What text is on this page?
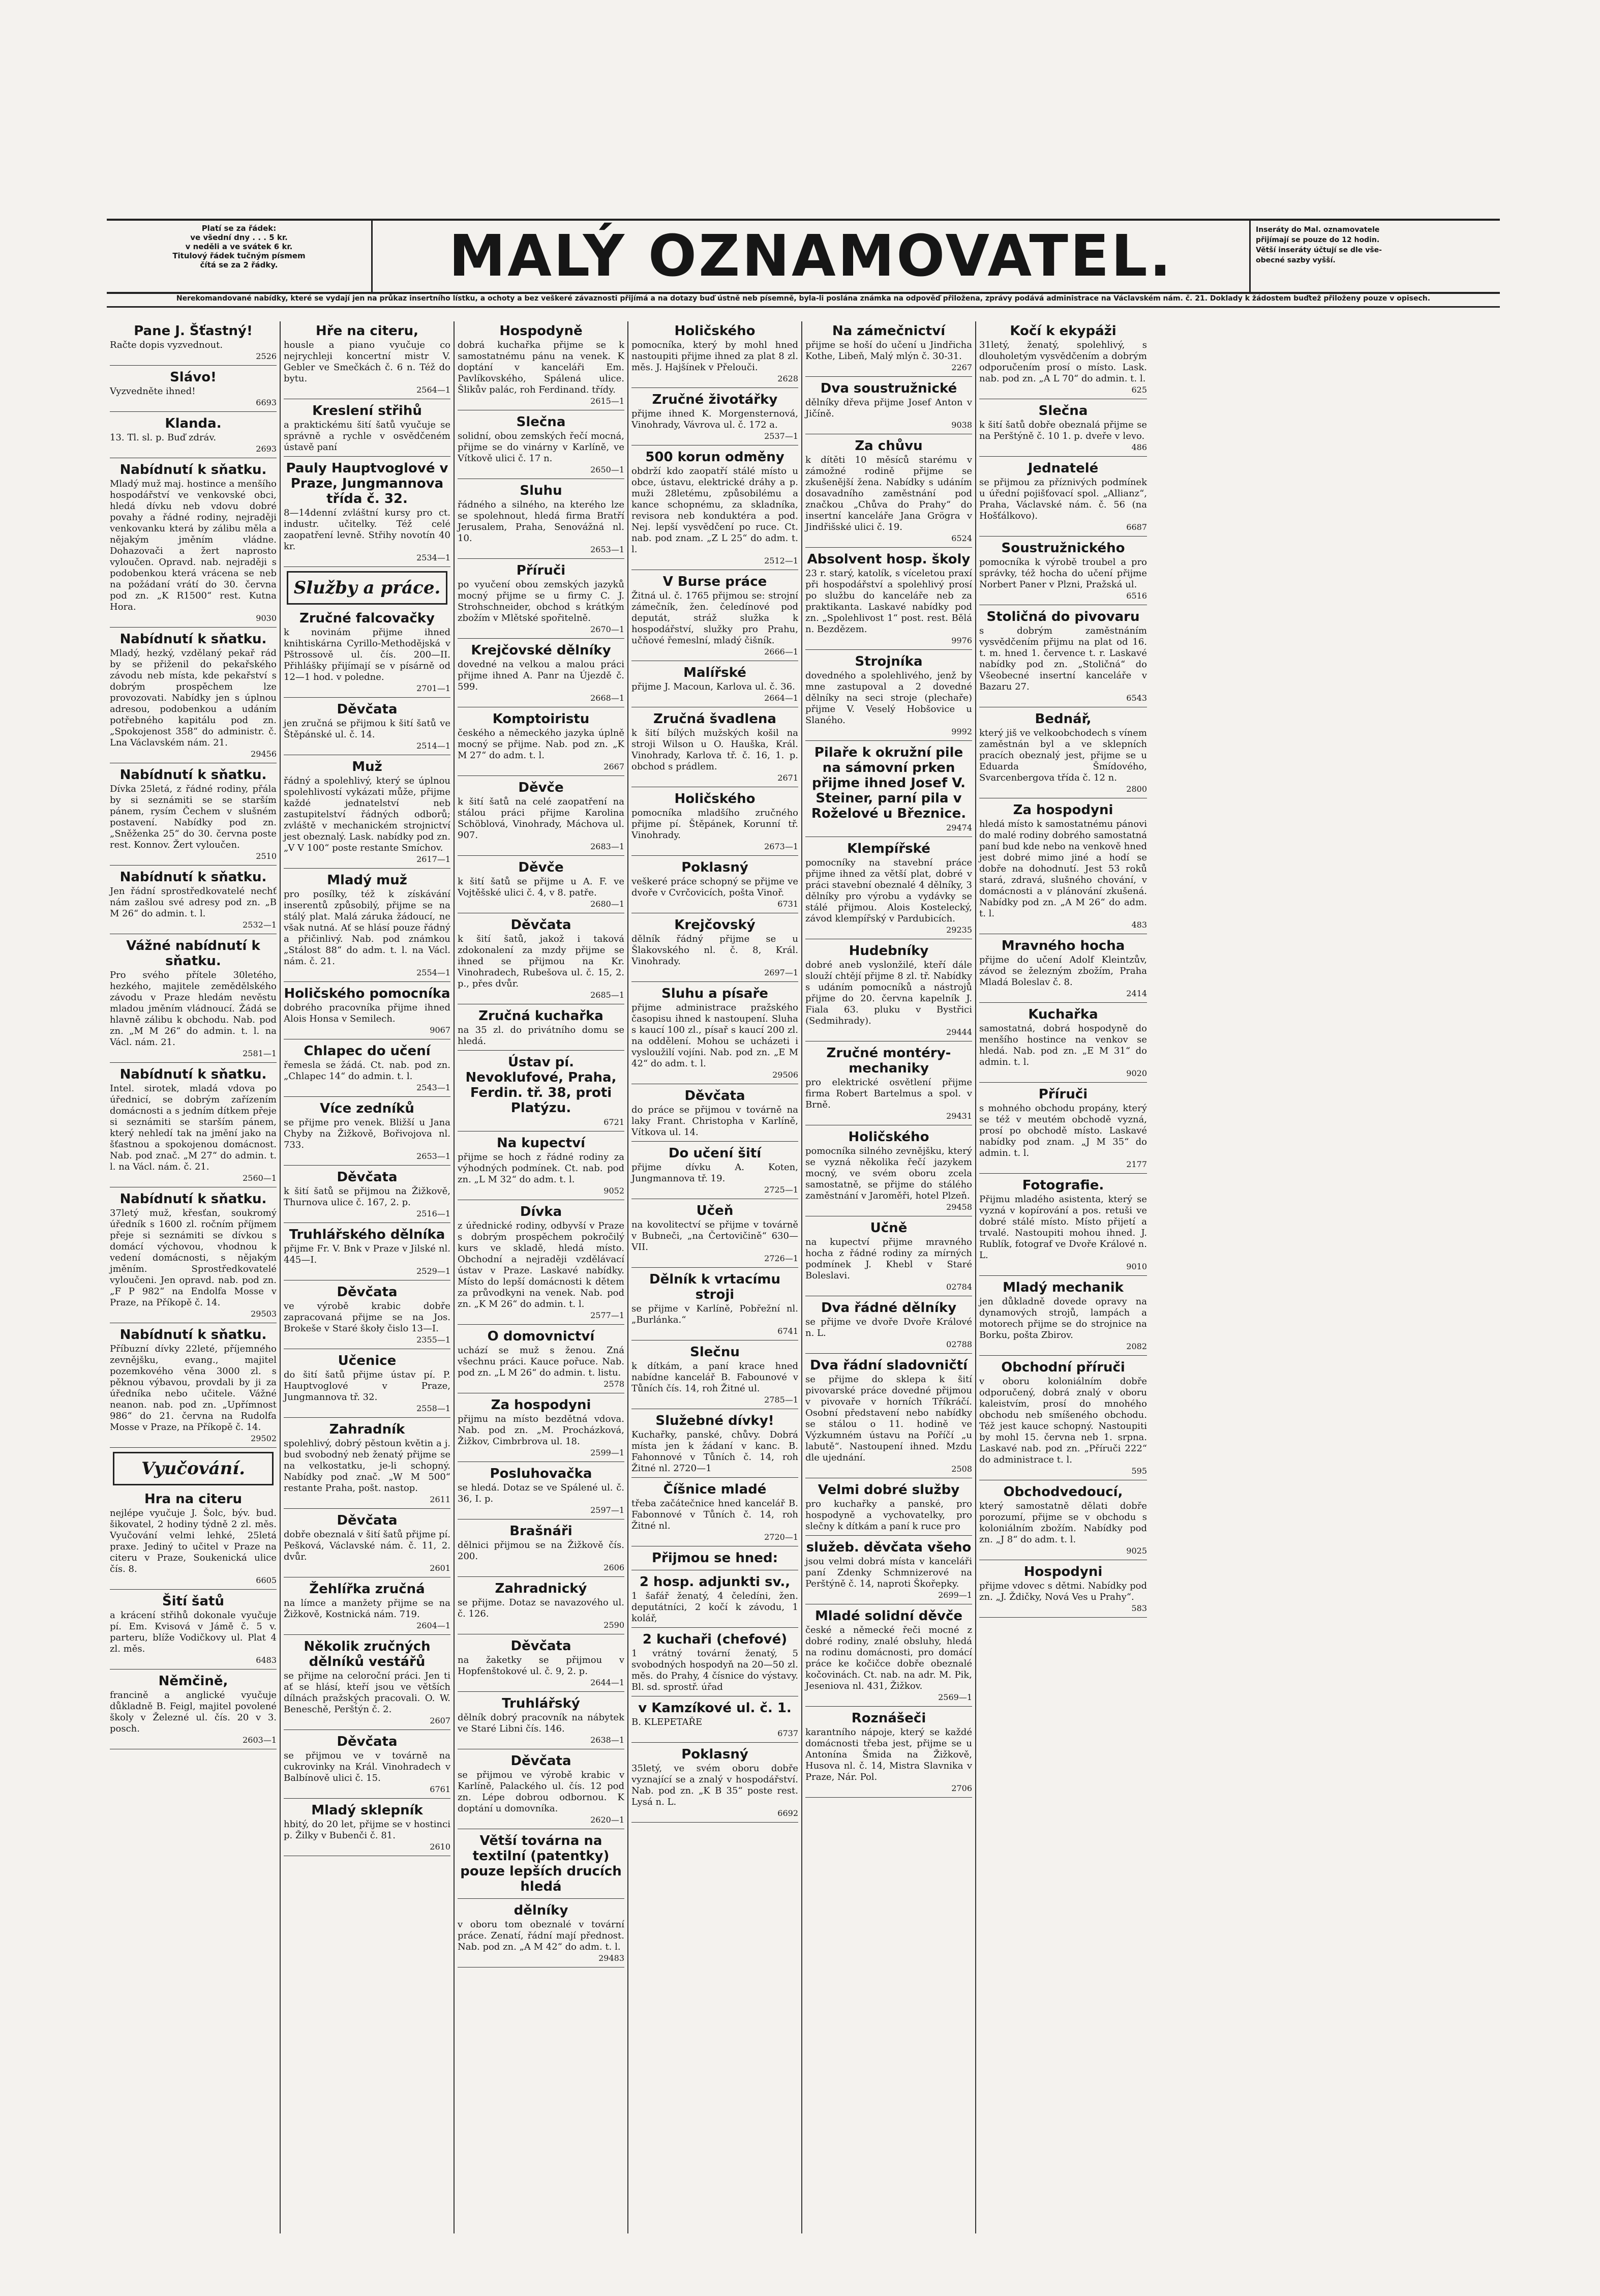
Platí se za řádek:
ve všední dny . . . 5 kr.
v neděli a ve svátek 6 kr.
Titulový řádek tučným písmem
čítá se za 2 řádky.	MALÝ OZNAMOVATEL.	Inseráty do Mal. oznamovatele
přijímají se pouze do 12 hodin.
Větší inseráty účtují se dle vše-
obecné sazby vyšší.
Nerekomandované nabídky, které se vydají jen na průkaz insertního lístku, a ochoty a bez veškeré závaznosti přijímá a na dotazy buď ústně neb písemně, byla-li poslána známka na odpověď přiložena, zprávy podává administrace na Václavském nám. č. 21. Doklady k žádostem buďtež přiloženy pouze v opisech.
Pane J. Šťastný!
Račte dopis vyzvednout.
2526
Slávo!
Vyzvedněte ihned!
6693
Klanda.
13. Tl. sl. p. Buď zdráv.
2693
Nabídnutí k sňatku.
Mladý muž maj. hostince a menšího hospodářství ve venkovské obci, hledá dívku neb vdovu dobré povahy a řádné rodiny, nejraději venkovanku která by zálibu měla a nějakým jměním vládne. Dohazovači a žert naprosto vyloučen. Opravd. nab. nejraději s podobenkou která vrácena se neb na požádaní vrátí do 30. června pod zn. „K R1500“ rest. Kutna Hora.
9030
Nabídnutí k sňatku.
Mladý, hezký, vzdělaný pekař rád by se přiženil do pekařského závodu neb místa, kde pekařství s dobrým prospěchem lze provozovati. Nabídky jen s úplnou adresou, podobenkou a udáním potřebného kapitálu pod zn. „Spokojenost 358“ do administr. č. Lna Václavském nám. 21.
29456
Nabídnutí k sňatku.
Dívka 25letá, z řádné rodiny, přála by si seznámiti se se starším pánem, rysím Čechem v slušném postavení. Nabídky pod zn. „Sněženka 25“ do 30. června poste rest. Konnov. Žert vyloučen.
2510
Nabídnutí k sňatku.
Jen řádní sprostředkovatelé nechť nám zašlou své adresy pod zn. „B M 26“ do admin. t. l.
2532—1
Vážné nabídnutí k sňatku.
Pro svého přítele 30letého, hezkého, majitele zemědělského závodu v Praze hledám nevěstu mladou jměním vládnoucí. Žádá se hlavně zálibu k obchodu. Nab. pod zn. „M M 26“ do admin. t. l. na Václ. nám. 21.
2581—1
Nabídnutí k sňatku.
Intel. sirotek, mladá vdova po úřednicí, se dobrým zařízením domácnosti a s jedním dítkem přeje si seznámiti se starším pánem, který nehledí tak na jmění jako na šťastnou a spokojenou domácnost. Nab. pod znač. „M 27“ do admin. t. l. na Václ. nám. č. 21.
2560—1
Nabídnutí k sňatku.
37letý muž, křesťan, soukromý úředník s 1600 zl. ročním příjmem přeje si seznámiti se dívkou s domácí výchovou, vhodnou k vedení domácnosti, s nějakým jměním. Sprostředkovatelé vyloučeni. Jen opravd. nab. pod zn. „F P 982“ na Endolfa Mosse v Praze, na Příkopě č. 14.
29503
Nabídnutí k sňatku.
Příbuzní dívky 22leté, příjemného zevnějšku, evang., majitel pozemkového věna 3000 zl. s pěknou výbavou, provdali by ji za úředníka nebo učitele. Vážné neanon. nab. pod zn. „Upřímnost 986“ do 21. června na Rudolfa Mosse v Praze, na Příkopě č. 14.
29502
Vyučování.
Hra na citeru
nejlépe vyučuje J. Šolc, býv. bud. šikovatel, 2 hodiny týdně 2 zl. měs. Vyučování velmi lehké, 25letá praxe. Jediný to učitel v Praze na citeru v Praze, Soukenická ulice čís. 8.
6605
Šití šatů
a krácení střihů dokonale vyučuje pí. Em. Kvisová v Jámě č. 5 v. parteru, blíže Vodičkovy ul. Plat 4 zl. měs.
6483
Němčině,
francině a anglické vyučuje důkladně B. Feigl, majitel povolené školy v Železné ul. čís. 20 v 3. posch.
2603—1
Hře na citeru,
housle a piano vyučuje co nejrychleji koncertní mistr V. Gebler ve Smečkách č. 6 n. Též do bytu.
2564—1
Kreslení střihů
a praktickému šití šatů vyučuje se správně a rychle v osvědčeném ústavě paní
Pauly Hauptvoglové v Praze, Jungmannova třída č. 32.
8—14denní zvláštní kursy pro ct. industr. učitelky. Též celé zaopatření levně. Střihy novotín 40 kr.
2534—1
Služby a práce.
Zručné falcovačky
k novinám přijme ihned knihtiskárna Cyrillo-Methodějská v Pštrossově ul. čís. 200—II. Přihlášky přijímají se v písárně od 12—1 hod. v poledne.
2701—1
Děvčata
jen zručná se přijmou k šití šatů ve Štěpánské ul. č. 14.
2514—1
Muž
řádný a spolehlivý, který se úplnou spolehlivostí vykázati může, přijme každé jednatelství neb zastupitelství řádných odborů; zvláště v mechanickém strojnictví jest obeznalý. Lask. nabídky pod zn. „V V 100“ poste restante Smíchov.
2617—1
Mladý muž
pro posílky, též k získávání inserentů způsobilý, přijme se na stálý plat. Malá záruka žádoucí, ne však nutná. Ať se hlásí pouze řádný a přičinlivý. Nab. pod známkou „Stálost 88“ do adm. t. l. na Václ. nám. č. 21.
2554—1
Holičského pomocníka
dobrého pracovníka přijme ihned Alois Honsa v Semilech.
9067
Chlapec do učení
řemesla se žádá. Ct. nab. pod zn. „Chlapec 14“ do admin. t. l.
2543—1
Více zedníků
se přijme pro venek. Bližší u Jana Chyby na Žižkově, Bořivojova nl. 733.
2653—1
Děvčata
k šití šatů se přijmou na Žižkově, Thurnova ulice č. 167, 2. p.
2516—1
Truhlářského dělníka
přijme Fr. V. Bnk v Praze v Jilské nl. 445—I.
2529—1
Děvčata
ve výrobě krabic dobře zapracovaná přijme se na Jos. Brokeše v Staré škoły čislo 13—I.
2355—1
Učenice
do šití šatů přijme ústav pí. P. Hauptvoglové v Praze, Jungmannova tř. 32.
2558—1
Zahradník
spolehlivý, dobrý pěstoun květin a j. bud svobodný neb ženatý přijme se na velkostatku, je-li schopný. Nabídky pod znač. „W M 500“ restante Praha, pošt. nastop.
2611
Děvčata
dobře obeznalá v šití šatů přijme pí. Pešková, Václavské nám. č. 11, 2. dvůr.
2601
Žehlířka zručná
na límce a manžety přijme se na Žižkově, Kostnická nám. 719.
2604—1
Několik zručných dělníků vestářů
se přijme na celoroční práci. Jen ti ať se hlásí, kteří jsou ve větších dílnách pražských pracovali. O. W. Beneschě, Peršt́ýn č. 2.
2607
Děvčata
se přijmou ve v továrně na cukrovinky na Král. Vinohradech v Balbínově ulici č. 15.
6761
Mladý sklepník
hbitý, do 20 let, přijme se v hostinci p. Žilky v Bubenči č. 81.
2610
Hospodyně
dobrá kuchařka přijme se k samostatnému pánu na venek. K doptání v kanceláři Em. Pavlíkovského, Spálená ulice. Šlikův palác, roh Ferdinand. třídy.
2615—1
Slečna
solidní, obou zemských řečí mocná, přijme se do vinárny v Karlíně, ve Vítkově ulici č. 17 n.
2650—1
Sluhu
řádného a silného, na kterého lze se spolehnout, hledá firma Bratří Jerusalem, Praha, Senovážná nl. 10.
2653—1
Příruči
po vyučení obou zemských jazyků mocný přijme se u firmy C. J. Strohschneider, obchod s krátkým zbožím v Mlětské spořitelně.
2670—1
Krejčovské dělníky
dovedné na velkou a malou práci přijme ihned A. Panr na Újezdě č. 599.
2668—1
Komptoiristu
českého a německého jazyka úplně mocný se přijme. Nab. pod zn. „K M 27“ do adm. t. l.
2667
Děvče
k šití šatů na celé zaopatření na stálou práci přijme Karolina Schöblová, Vinohrady, Máchova ul. 907.
2683—1
Děvče
k šití šatů se přijme u A. F. ve Vojtěšské ulici č. 4, v 8. patře.
2680—1
Děvčata
k šití šatů, jakož i taková zdokonalení za mzdy přijme se ihned se přijmou na Kr. Vinohradech, Rubešova ul. č. 15, 2. p., přes dvůr.
2685—1
Zručná kuchařka
na 35 zl. do privátního domu se hledá.
Ústav pí. Nevoklufové, Praha, Ferdin. tř. 38, proti Platýzu.
6721
Na kupectví
přijme se hoch z řádné rodiny za výhodných podmínek. Ct. nab. pod zn. „L M 32“ do adm. t. l.
9052
Dívka
z úřednické rodiny, odbyvší v Praze s dobrým prospěchem pokročilý kurs ve skladě, hledá místo. Obchodní a nejraději vzdělávací ústav v Praze. Laskavé nabídky. Místo do lepší domácnosti k dětem za průvodkyni na venek. Nab. pod zn. „K M 26“ do admin. t. l.
2577—1
O domovnictví
uchází se muž s ženou. Zná všechnu práci. Kauce pořuce. Nab. pod zn. „L M 26“ do admin. t. listu.
2578
Za hospodyni
přijmu na místo bezdětná vdova. Nab. pod zn. „M. Procházková, Žižkov, Cimbrbrova ul. 18.
2599—1
Posluhovačka
se hledá. Dotaz se ve Spálené ul. č. 36, I. p.
2597—1
Brašnáři
dělnici přijmou se na Žižkově čís. 200.
2606
Zahradnický
se přijme. Dotaz se navazového ul. č. 126.
2590
Děvčata
na žaketky se přijmou v Hopfenštokové ul. č. 9, 2. p.
2644—1
Truhlářský
dělník dobrý pracovník na nábytek ve Staré Libni čís. 146.
2638—1
Děvčata
se přijmou ve výrobě krabic v Karlíně, Palackého ul. čís. 12 pod zn. Lépe dobrou odbornou. K doptání u domovníka.
2620—1
Větší továrna na textilní (patentky) pouze lepších drucích hledá
dělníky
v oboru tom obeznalé v tovární práce. Zenatí, řádní mají přednost. Nab. pod zn. „A M 42“ do adm. t. l.
29483
Holičského
pomocníka, který by mohl hned nastoupiti přijme ihned za plat 8 zl. měs. J. Hajšínek v Přelouči.
2628
Zručné životářky
přijme ihned K. Morgensternová, Vinohrady, Vávrova ul. č. 172 a.
2537—1
500 korun odměny
obdrží kdo zaopatří stálé místo u obce, ústavu, elektrické dráhy a p. muži 28letému, způsobilému a kance schopnému, za skladníka, revisora neb konduktéra a pod. Nej. lepší vysvědčení po ruce. Ct. nab. pod znam. „Z L 25“ do adm. t. l.
2512—1
V Burse práce
Žitná ul. č. 1765 přijmou se: strojní zámečník, žen. čeledínové pod deputát, stráž služka k hospodářství, služky pro Prahu, učňové řemeslní, mladý čišník.
2666—1
Malířské
přijme J. Macoun, Karlova ul. č. 36.
2664—1
Zručná švadlena
k šití bílých mužských košil na stroji Wilson u O. Hauška, Král. Vinohrady, Karlova tř. č. 16, 1. p. obchod s prádlem.
2671
Holičského
pomocníka mladšího zručného přijme pí. Štěpánek, Korunní tř. Vinohrady.
2673—1
Poklasný
veškeré práce schopný se přijme ve dvoře v Cvrčovicích, pošta Vinoř.
6731
Krejčovský
dělník řádný přijme se u Šlakovského nl. č. 8, Král. Vinohrady.
2697—1
Sluhu a písaře
přijme administrace pražského časopisu ihned k nastoupení. Sluha s kaucí 100 zl., písař s kaucí 200 zl. na oddělení. Mohou se ucházeti i vysloužilí vojíni. Nab. pod zn. „E M 42“ do adm. t. l.
29506
Děvčata
do práce se přijmou v továrně na laky Frant. Christopha v Karlíně, Vítkova ul. 14.
Do učení šití
přijme dívku A. Koten, Jungmannova tř. 19.
2725—1
Učeň
na kovolitectví se přijme v továrně v Bubneči, „na Čertovičině“ 630—VII.
2726—1
Dělník k vrtacímu stroji
se přijme v Karlíně, Pobřežní nl. „Burlánka.“
6741
Slečnu
k dítkám, a paní krace hned nabídne kancelář B. Fabounové v Tůních čís. 14, roh Žitné ul.
2785—1
Služebné dívky!
Kuchařky, panské, chůvy. Dobrá místa jen k žádaní v kanc. B. Fahonnové v Tůních č. 14, roh Žitné nl. 2720—1
Číšnice mladé
třeba začátečnice hned kancelář B. Fabonnové v Tůních č. 14, roh Žitné nl.
2720—1
Přijmou se hned:
2 hosp. adjunkti sv.,
1 šafář ženatý, 4 čeledíni, žen. deputátníci, 2 kočí k závodu, 1 kolář,
2 kuchaři (chefové)
1 vrátný tovární ženatý, 5 svobodných hospodyň na 20—50 zl. měs. do Prahy, 4 čísnice do výstavy. Bl. sd. sprostř. úřad
v Kamzíkové ul. č. 1.
B. KLEPETAŘE
6737
Poklasný
35letý, ve svém oboru dobře vyznající se a znalý v hospodářství. Nab. pod zn. „K B 35“ poste rest. Lysá n. L.
6692
Na zámečnictví
přijme se hoší do učení u Jindřicha Kothe, Libeň, Malý mlýn č. 30-31.
2267
Dva soustružnické
dělníky dřeva přijme Josef Anton v Jičíně.
9038
Za chůvu
k dítěti 10 měsíců starému v zámožné rodině přijme se zkušenější žena. Nabídky s udáním dosavadního zaměstnání pod značkou „Chůva do Prahy“ do insertní kanceláře Jana Grögra v Jindřišské ulici č. 19.
6524
Absolvent hosp. školy
23 r. starý, katolík, s víceletou praxí při hospodářství a spolehlivý prosí po službu do kanceláře neb za praktikanta. Laskavé nabídky pod zn. „Spolehlivost 1“ post. rest. Bělá n. Bezdězem.
9976
Strojníka
dovedného a spolehlivého, jenž by mne zastupoval a 2 dovedné dělníky na seci stroje (plechaře) přijme V. Veselý Hobšovice u Slaného.
9992
Pilaře k okružní pile na sámovní prken přijme ihned Josef V. Steiner, parní pila v Roželové u Březnice.
29474
Klempířské
pomocníky na stavební práce přijme ihned za větší plat, dobré v práci stavební obeznalé 4 dělníky, 3 dělníky pro výrobu a vydávky se stálé přijmou. Alois Kostelecký, závod klempířský v Pardubicích.
29235
Hudebníky
dobré aneb vyslonžilé, kteří dále slouží chtějí přijme 8 zl. tř. Nabídky s udáním pomocníků a nástrojů přijme do 20. června kapelník J. Fiala 63. pluku v Bystřici (Sedmihrady).
29444
Zručné montéry-mechaniky
pro elektrické osvětlení přijme firma Robert Bartelmus a spol. v Brně.
29431
Holičského
pomocníka silného zevnějšku, který se vyzná několika řečí jazykem mocný, ve svém oboru zcela samostatně, se přijme do stálého zaměstnání v Jaroměři, hotel Plzeň.
29458
Učně
na kupectví přijme mravného hocha z řádné rodiny za mírných podmínek J. Khebl v Staré Boleslavi.
02784
Dva řádné dělníky
se přijme ve dvoře Dvoře Králové n. L.
02788
Dva řádní sladovničtí
se přijme do sklepa k šití pivovarské práce dovedné přijmou v pivovaře v horních Tříkráčí. Osobní představení nebo nabídky se stálou o 11. hodině ve Výzkumném ústavu na Poříčí „u labutě“. Nastoupení ihned. Mzdu dle ujednání.
2508
Velmi dobré služby
pro kuchařky a panské, pro hospodyně a vychovatelky, pro slečny k dítkám a paní k ruce pro
služeb. děvčata všeho
jsou velmi dobrá místa v kanceláři paní Zdenky Schmnizerové na Perštýně č. 14, naproti Škořepky.
2699—1
Mladé solidní děvče
české a německé řeči mocné z dobré rodiny, znalé obsluhy, hledá na rodinu domácnosti, pro domácí práce ke kočičce dobře obeznalé kočovinách. Ct. nab. na adr. M. Pik, Jeseniova nl. 431, Žižkov.
2569—1
Roznášeči
karantního nápoje, který se každé domácnosti třeba jest, přijme se u Antonína Šmida na Žižkově, Husova nl. č. 14, Mistra Slavnika v Praze, Nár. Pol.
2706
Kočí k ekypáži
31letý, ženatý, spolehlivý, s dlouholetým vysvědčením a dobrým odporučením prosí o místo. Lask. nab. pod zn. „A L 70“ do admin. t. l.
625
Slečna
k šití šatů dobře obeznalá přijme se na Perštýně č. 10 1. p. dveře v levo.
486
Jednatelé
se přijmou za příznivých podmínek u úřední pojišťovací spol. „Allianz“, Praha, Václavské nám. č. 56 (na Hošťálkovo).
6687
Soustružnického
pomocníka k výrobě troubel a pro správky, též hocha do učení přijme Norbert Paner v Plzni, Pražská ul.
6516
Stoličná do pivovaru
s dobrým zaměstnáním vysvědčením přijmu na plat od 16. t. m. hned 1. července t. r. Laskavé nabídky pod zn. „Stoličná“ do Všeobecné insertní kanceláře v Bazaru 27.
6543
Bednář,
který jiš ve velkoobchodech s vínem zaměstnán byl a ve sklepních pracích obeznalý jest, přijme se u Eduarda Šmídového, Svarcenbergova třída č. 12 n.
2800
Za hospodyni
hledá místo k samostatnému pánovi do malé rodiny dobrého samostatná paní bud kde nebo na venkově hned jest dobré mimo jiné a hodí se dobře na dohodnutí. Jest 53 roků stará, zdravá, slušného chování, v domácnosti a v plánování zkušená. Nabídky pod zn. „A M 26“ do adm. t. l.
483
Mravného hocha
přijme do učení Adolf Kleintzův, závod se železným zbožím, Praha Mladá Boleslav č. 8.
2414
Kuchařka
samostatná, dobrá hospodyně do menšího hostince na venkov se hledá. Nab. pod zn. „E M 31“ do admin. t. l.
9020
Příruči
s mohného obchodu propány, který se též v meutém obchodě vyzná, prosí po obchodě místo. Laskavé nabídky pod znam. „J M 35“ do admin. t. l.
2177
Fotografie.
Přijmu mladého asistenta, který se vyzná v kopírování a pos. retuši ve dobré stálé místo. Místo přijetí a trvalé. Nastoupiti mohou ihned. J. Rublík, fotograf ve Dvoře Králové n. L.
9010
Mladý mechanik
jen důkladně dovede opravy na dynamových strojů, lampách a motorech přijme se do strojnice na Borku, pošta Zbirov.
2082
Obchodní příruči
v oboru koloniálním dobře odporučený, dobrá znalý v oboru kaleistvím, prosí do mnohého obchodu neb smíšeného obchodu. Též jest kauce schopný. Nastoupiti by mohl 15. června neb 1. srpna. Laskavé nab. pod zn. „Příruči 222“ do administrace t. l.
595
Obchodvedoucí,
který samostatně dělati dobře porozumí, přijme se v obchodu s koloniálním zbožím. Nabídky pod zn. „J 8“ do adm. t. l.
9025
Hospodyni
přijme vdovec s dětmi. Nabídky pod zn. „J. Ždičky, Nová Ves u Prahy“.
583
